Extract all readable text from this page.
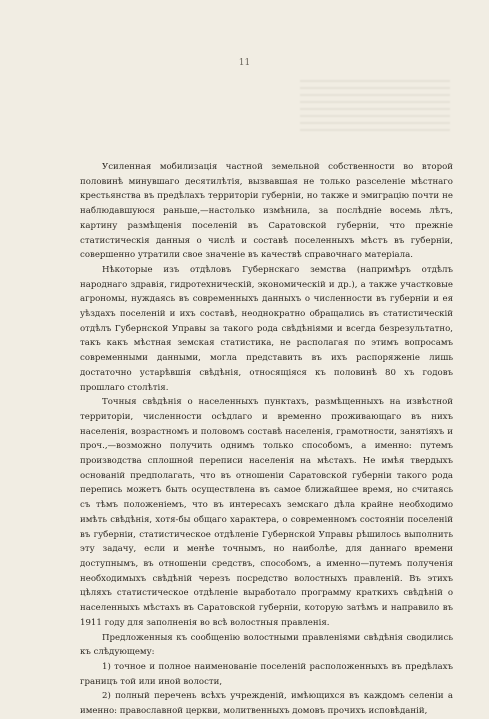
11

Усиленная мобилизація частной земельной собственности во второй половинѣ минувшаго десятилѣтія, вызвавшая не только разселеніе мѣстнаго крестьянства въ предѣлахъ территоріи губерніи, но также и эмиграцію почти не наблюдавшуюся раньше,—настолько измѣнила, за послѣдніе восемь лѣтъ, картину размѣщенія поселеній въ Саратовской губерніи, что прежніе статистическія данныя о числѣ и составѣ поселенныхъ мѣстъ въ губерніи, совершенно утратили свое значеніе въ качествѣ справочнаго матеріала.

Нѣкоторые изъ отдѣловъ Губернскаго земства (напримѣръ отдѣлъ народнаго здравія, гидротехническій, экономическій и др.), а также участковые агрономы, нуждаясь въ современныхъ данныхъ о численности въ губерніи и ея уѣздахъ поселеній и ихъ составѣ, неоднократно обращались въ статистическій отдѣлъ Губернской Управы за такого рода свѣдѣніями и всегда безрезультатно, такъ какъ мѣстная земская статистика, не располагая по этимъ вопросамъ современными данными, могла представить въ ихъ распоряженіе лишь достаточно устарѣвшія свѣдѣнія, относящіяся къ половинѣ 80 хъ годовъ прошлаго столѣтія.

Точныя свѣдѣнія о населенныхъ пунктахъ, размѣщенныхъ на извѣстной территоріи, численности осѣдлаго и временно проживающаго въ нихъ населенія, возрастномъ и половомъ составѣ населенія, грамотности, занятіяхъ и проч.,—возможно получить однимъ только способомъ, а именно: путемъ производства сплошной переписи населенія на мѣстахъ. Не имѣя твердыхъ основаній предполагать, что въ отношеніи Саратовской губерніи такого рода перепись можетъ быть осуществлена въ самое ближайшее время, но считаясь съ тѣмъ положеніемъ, что въ интересахъ земскаго дѣла крайне необходимо имѣть свѣдѣнія, хотя-бы общаго характера, о современномъ состояніи поселеній въ губерніи, статистическое отдѣленіе Губернской Управы рѣшилось выполнить эту задачу, если и менѣе точнымъ, но наиболѣе, для даннаго времени доступнымъ, въ отношеніи средствъ, способомъ, а именно—путемъ полученія необходимыхъ свѣдѣній черезъ посредство волостныхъ правленій. Въ этихъ цѣляхъ статистическое отдѣленіе выработало программу краткихъ свѣдѣній о населенныхъ мѣстахъ въ Саратовской губерніи, которую затѣмъ и направило въ 1911 году для заполненія во всѣ волостныя правленія.

Предложенныя къ сообщенію волостными правленіями свѣдѣнія сводились къ слѣдующему:

1) точное и полное наименованіе поселеній расположенныхъ въ предѣлахъ границъ той или иной волости,

2) полный перечень всѣхъ учрежденій, имѣющихся въ каждомъ селеніи а именно: православной церкви, молитвенныхъ домовъ прочихъ исповѣданій,
